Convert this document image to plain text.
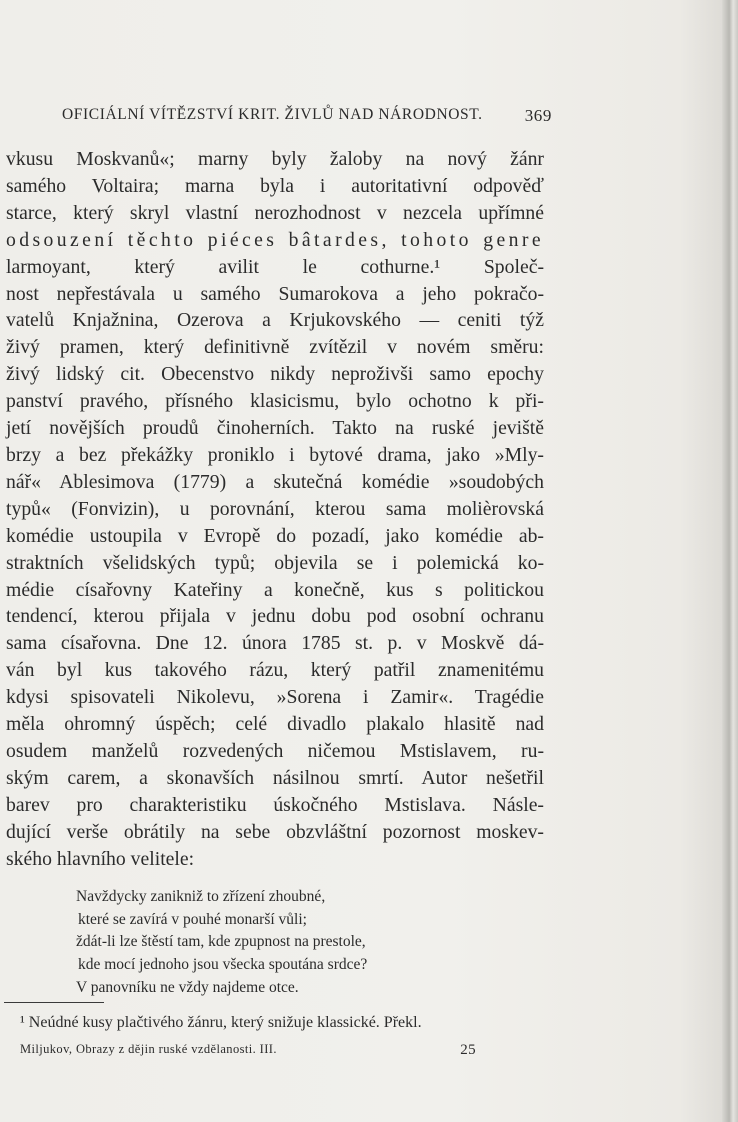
OFICIÁLNÍ VÍTĚZSTVÍ KRIT. ŽIVLŮ NAD NÁRODNOST. 369
vkusu Moskvanů«; marny byly žaloby na nový žánr
samého Voltaira; marna byla i autoritativní odpověď
starce, který skryl vlastní nerozhodnost v nezcela upřímné
odsouzení těchto piéces bâtardes, tohoto genre
larmoyant, který avilit le cothurne.¹ Společ-
nost nepřestávala u samého Sumarokova a jeho pokračo-
vatelů Knjažnina, Ozerova a Krjukovského — ceniti týž
živý pramen, který definitivně zvítězil v novém směru:
živý lidský cit. Obecenstvo nikdy neproživši samo epochy
panství pravého, přísného klasicismu, bylo ochotno k při-
jetí novějších proudů činoherních. Takto na ruské jeviště
brzy a bez překážky proniklo i bytové drama, jako »Mly-
nář« Ablesimova (1779) a skutečná komédie »soudobých
typů« (Fonvizin), u porovnání, kterou sama molièrovská
komédie ustoupila v Evropě do pozadí, jako komédie ab-
straktních všelidských typů; objevila se i polemická ko-
médie císařovny Kateřiny a konečně, kus s politickou
tendencí, kterou přijala v jednu dobu pod osobní ochranu
sama císařovna. Dne 12. února 1785 st. p. v Moskvě dá-
ván byl kus takového rázu, který patřil znamenitému
kdysi spisovateli Nikolevu, »Sorena i Zamir«. Tragédie
měla ohromný úspěch; celé divadlo plakalo hlasitě nad
osudem manželů rozvedených ničemou Mstislavem, ru-
ským carem, a skonavších násilnou smrtí. Autor nešetřil
barev pro charakteristiku úskočného Mstislava. Násle-
dující verše obrátily na sebe obzvláštní pozornost moskev-
ského hlavního velitele:
Navždycky zanikniž to zřízení zhoubné,
které se zavírá v pouhé monarší vůli;
ždát-li lze štěstí tam, kde zpupnost na prestole,
kde mocí jednoho jsou všecka spoutána srdce?
V panovníku ne vždy najdeme otce.
¹ Neúdné kusy plačtivého žánru, který snižuje klassické. Překl.
Miljukov, Obrazy z dějin ruské vzdělanosti. III.	25
